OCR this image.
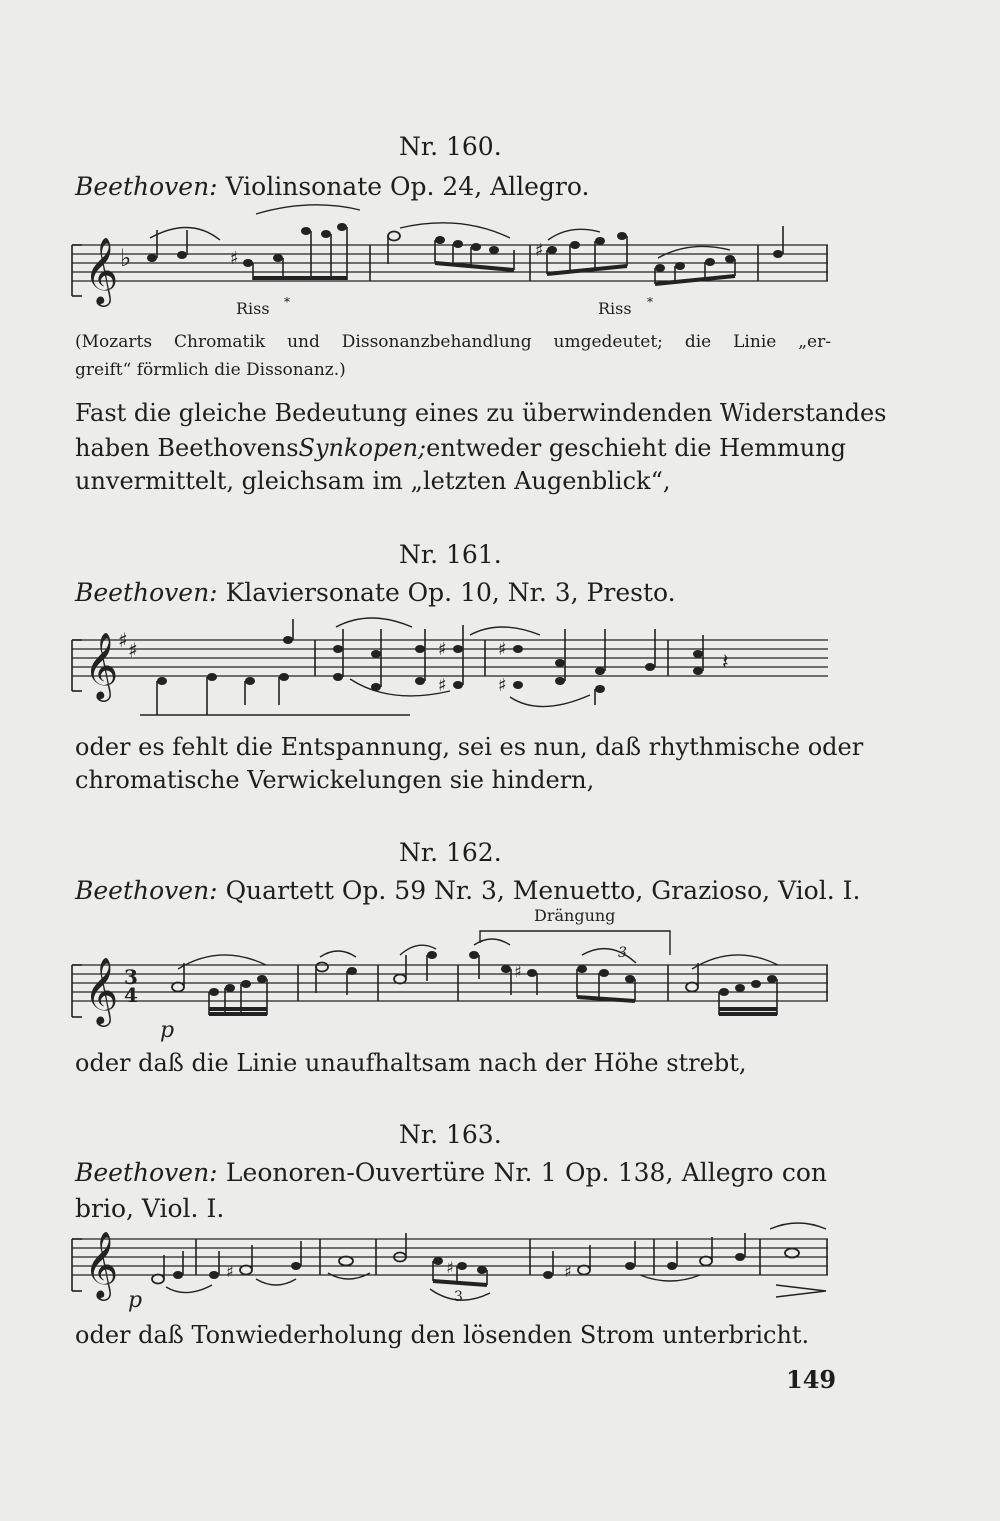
Nr. 160.
Beethoven: Violinsonate Op. 24, Allegro.
𝄞 ♭	♯	♯
Riss *	Riss *
(Mozarts Chromatik und Dissonanzbehandlung umgedeutet; die Linie „er-
greift“ förmlich die Dissonanz.)
Fast die gleiche Bedeutung eines zu überwindenden Widerstandes
haben Beethovens Synkopen; entweder geschieht die Hemmung
unvermittelt, gleichsam im „letzten Augenblick“,
Nr. 161.
Beethoven: Klaviersonate Op. 10, Nr. 3, Presto.
𝄞 ♯ ♯	♯
♯
♯
♯
𝄽
oder es fehlt die Entspannung, sei es nun, daß rhythmische oder
chromatische Verwickelungen sie hindern,
Nr. 162.
Beethoven: Quartett Op. 59 Nr. 3, Menuetto, Grazioso, Viol. I.
Drängung
𝄞 3
4
p
♯
3
oder daß die Linie unaufhaltsam nach der Höhe strebt,
Nr. 163.
Beethoven: Leonoren-Ouvertüre Nr. 1 Op. 138, Allegro con
brio, Viol. I.
𝄞
p
♯	♯
3
♯
oder daß Tonwiederholung den lösenden Strom unterbricht.
149
